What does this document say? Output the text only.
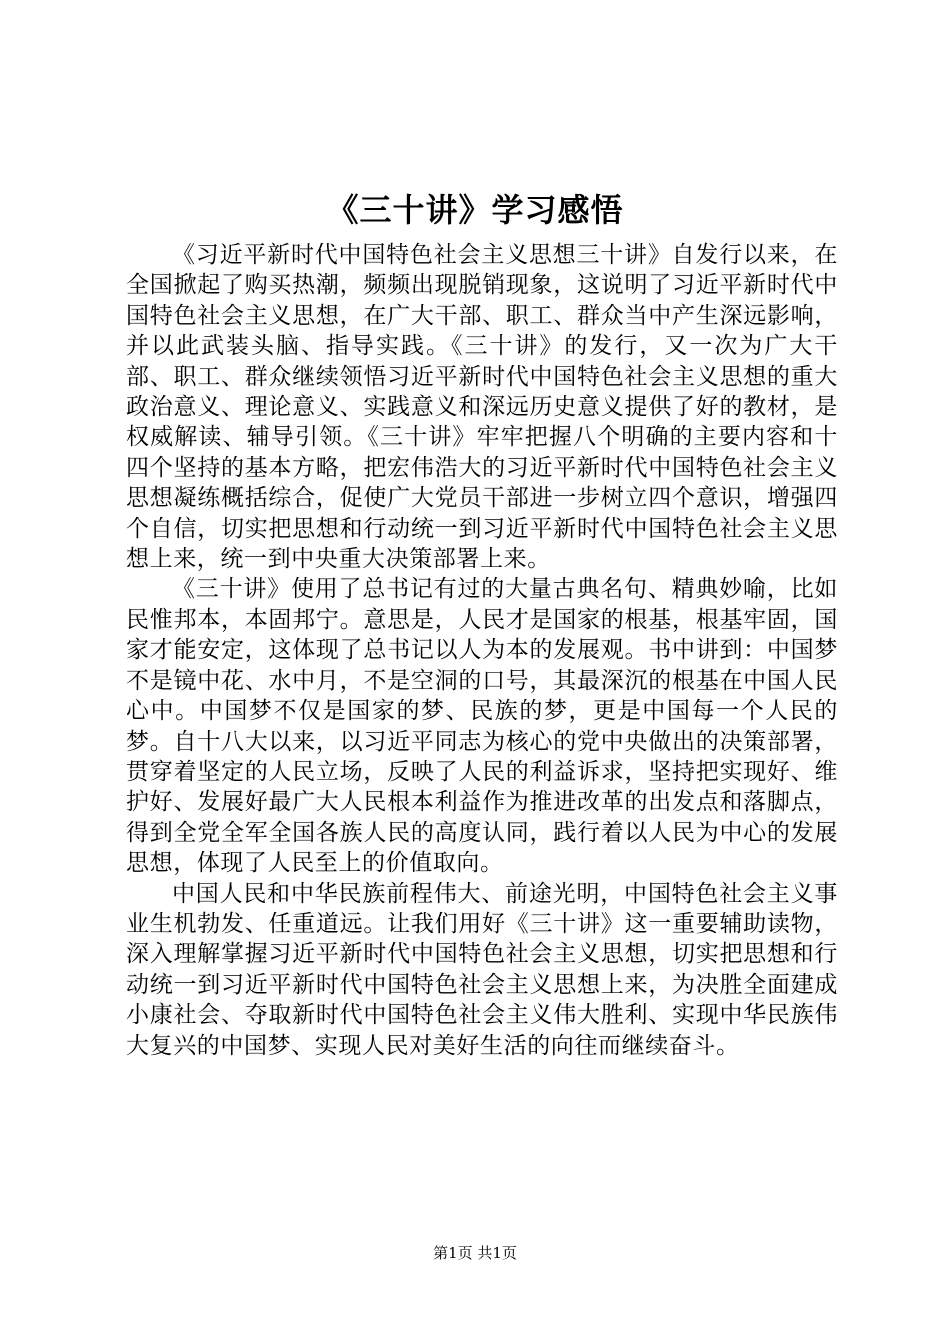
《三十讲》学习感悟

《习近平新时代中国特色社会主义思想三十讲》自发行以来，在全国掀起了购买热潮，频频出现脱销现象，这说明了习近平新时代中国特色社会主义思想，在广大干部、职工、群众当中产生深远影响，并以此武装头脑、指导实践。《三十讲》的发行，又一次为广大干部、职工、群众继续领悟习近平新时代中国特色社会主义思想的重大政治意义、理论意义、实践意义和深远历史意义提供了好的教材，是权威解读、辅导引领。《三十讲》牢牢把握八个明确的主要内容和十四个坚持的基本方略，把宏伟浩大的习近平新时代中国特色社会主义思想凝练概括综合，促使广大党员干部进一步树立四个意识，增强四个自信，切实把思想和行动统一到习近平新时代中国特色社会主义思想上来，统一到中央重大决策部署上来。

《三十讲》使用了总书记有过的大量古典名句、精典妙喻，比如民惟邦本，本固邦宁。意思是，人民才是国家的根基，根基牢固，国家才能安定，这体现了总书记以人为本的发展观。书中讲到：中国梦不是镜中花、水中月，不是空洞的口号，其最深沉的根基在中国人民心中。中国梦不仅是国家的梦、民族的梦，更是中国每一个人民的梦。自十八大以来，以习近平同志为核心的党中央做出的决策部署，贯穿着坚定的人民立场，反映了人民的利益诉求，坚持把实现好、维护好、发展好最广大人民根本利益作为推进改革的出发点和落脚点，得到全党全军全国各族人民的高度认同，践行着以人民为中心的发展思想，体现了人民至上的价值取向。

中国人民和中华民族前程伟大、前途光明，中国特色社会主义事业生机勃发、任重道远。让我们用好《三十讲》这一重要辅助读物，深入理解掌握习近平新时代中国特色社会主义思想，切实把思想和行动统一到习近平新时代中国特色社会主义思想上来，为决胜全面建成小康社会、夺取新时代中国特色社会主义伟大胜利、实现中华民族伟大复兴的中国梦、实现人民对美好生活的向往而继续奋斗。

第1页 共1页
